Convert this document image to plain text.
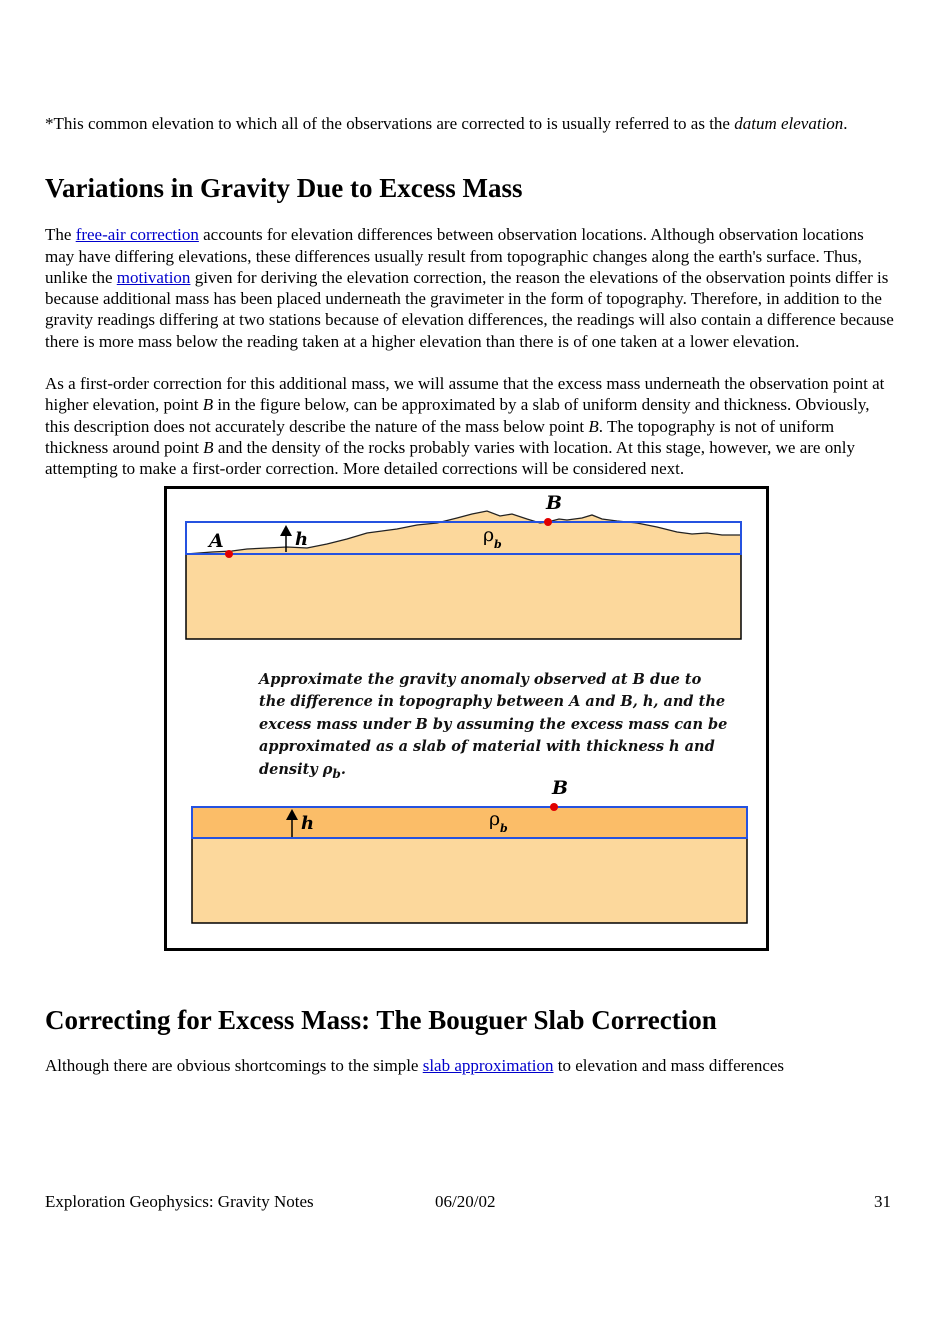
*This common elevation to which all of the observations are corrected to is usually referred to as the datum elevation.

Variations in Gravity Due to Excess Mass

The free-air correction accounts for elevation differences between observation locations. Although observation locations may have differing elevations, these differences usually result from topographic changes along the earth's surface. Thus, unlike the motivation given for deriving the elevation correction, the reason the elevations of the observation points differ is because additional mass has been placed underneath the gravimeter in the form of topography. Therefore, in addition to the gravity readings differing at two stations because of elevation differences, the readings will also contain a difference because there is more mass below the reading taken at a higher elevation than there is of one taken at a lower elevation.

As a first-order correction for this additional mass, we will assume that the excess mass underneath the observation point at higher elevation, point B in the figure below, can be approximated by a slab of uniform density and thickness. Obviously, this description does not accurately describe the nature of the mass below point B. The topography is not of uniform thickness around point B and the density of the rocks probably varies with location. At this stage, however, we are only attempting to make a first-order correction. More detailed corrections will be considered next.

A
B
h	ρ b
B
h	ρ b
Approximate the gravity anomaly observed at B due to the difference in topography between A and B, h, and the excess mass under B by assuming the excess mass can be approximated as a slab of material with thickness h and density $\rho_b$.
Correcting for Excess Mass: The Bouguer Slab Correction

Although there are obvious shortcomings to the simple slab approximation to elevation and mass differences

Exploration Geophysics: Gravity Notes	06/20/02	31
